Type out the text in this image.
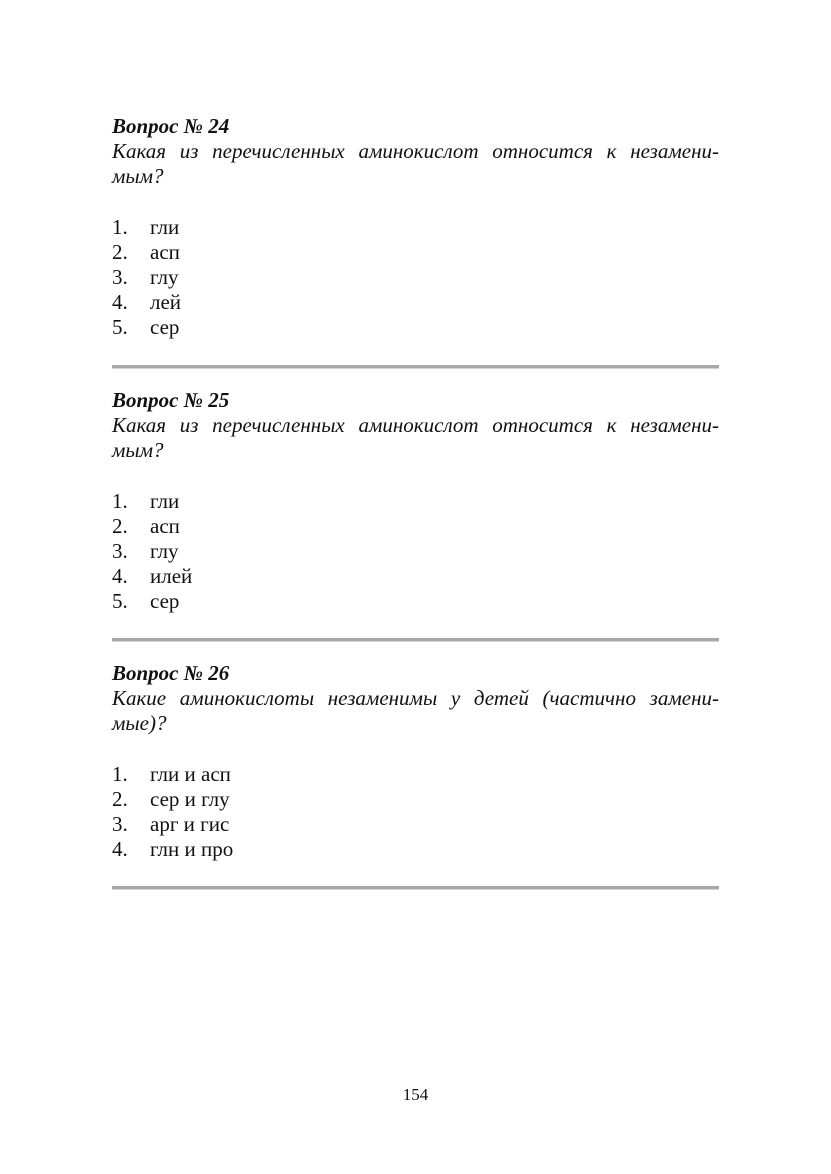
Вопрос № 24

Какая из перечисленных аминокислот относится к незамени-
мым?

1.	гли
2.	асп
3.	глу
4.	лей
5.	сер

Вопрос № 25

Какая из перечисленных аминокислот относится к незамени-
мым?

1.	гли
2.	асп
3.	глу
4.	илей
5.	сер

Вопрос № 26

Какие аминокислоты незаменимы у детей (частично замени-
мые)?

1.	гли и асп
2.	сер и глу
3.	арг и гис
4.	глн и про
154
